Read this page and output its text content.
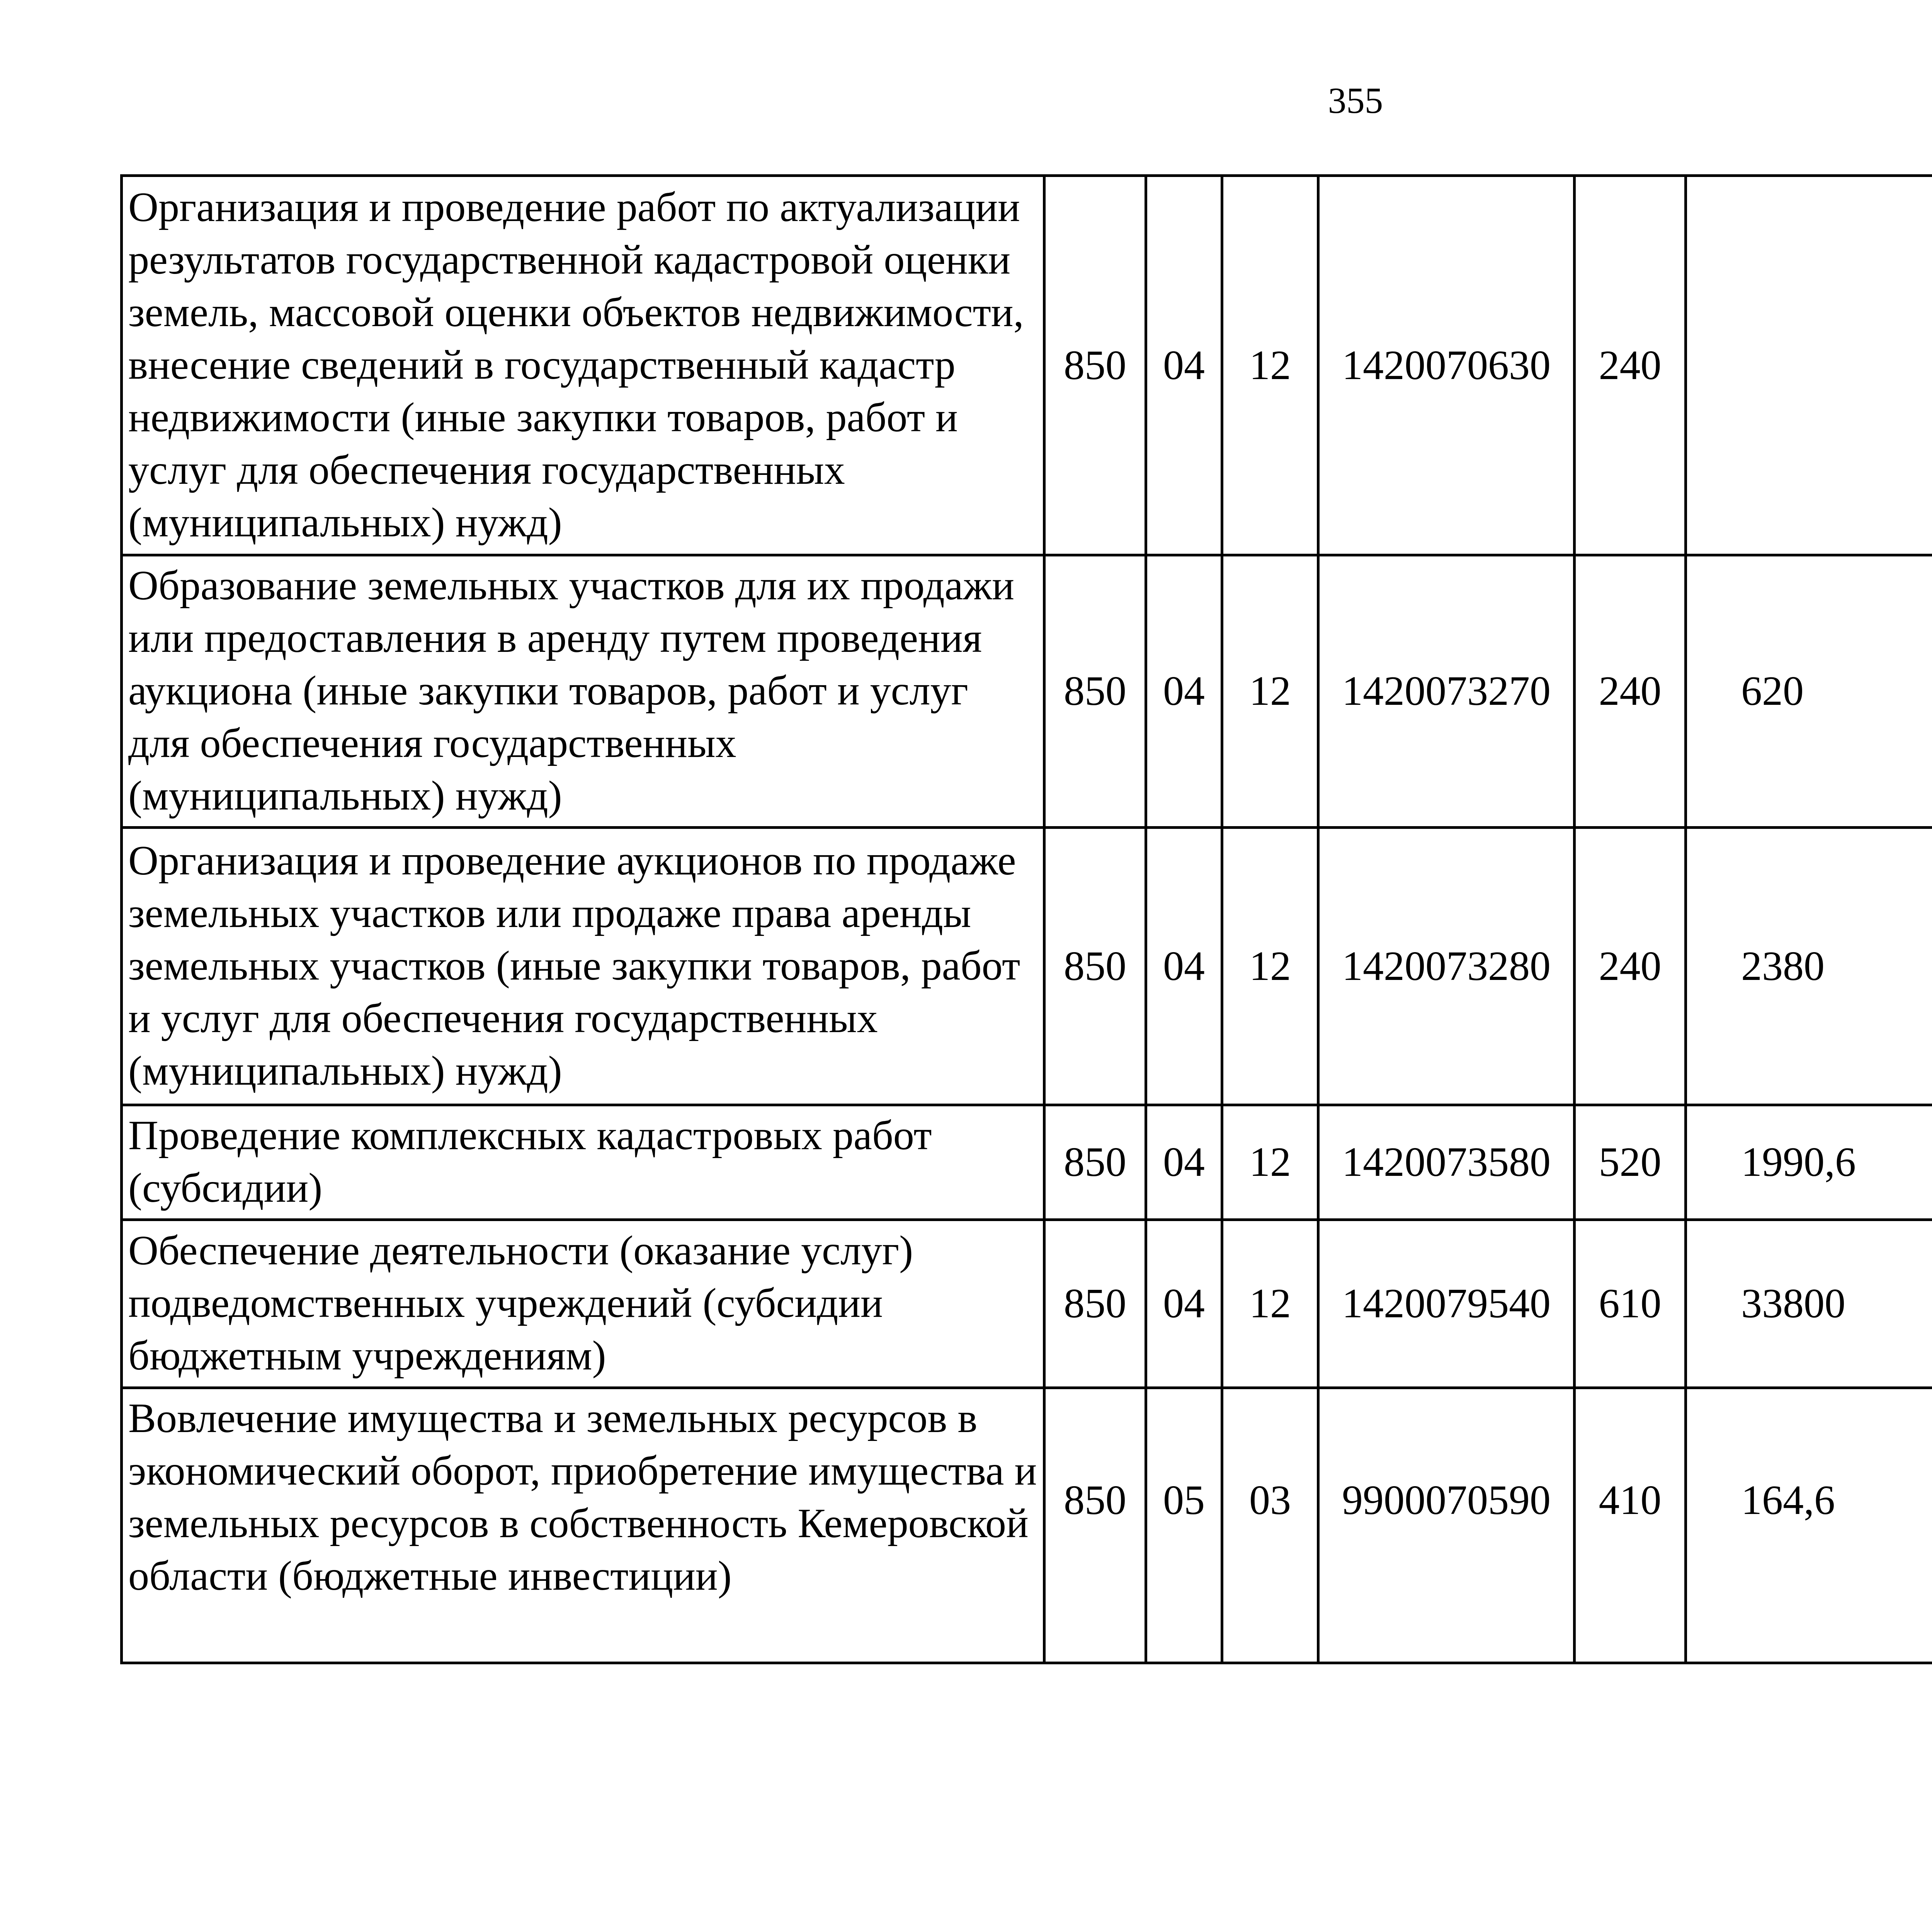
355
Организация и проведение работ по актуализации результатов государственной кадастровой оценки земель, массовой оценки объектов недвижимости, внесение сведений в государственный кадастр недвижимости (иные закупки товаров, работ и услуг для обеспечения государственных (муниципальных) нужд)	850	04	12	1420070630	240			
Образование земельных участков для их продажи или предоставления в аренду путем проведения аукциона (иные закупки товаров, работ и услуг для обеспечения государственных (муниципальных) нужд)	850	04	12	1420073270	240	620		
Организация и проведение аукционов по продаже земельных участков или продаже права аренды земельных участков (иные закупки товаров, работ и услуг для обеспечения государственных (муниципальных) нужд)	850	04	12	1420073280	240	2380		
Проведение комплексных кадастровых работ (субсидии)	850	04	12	1420073580	520	1990,6		
Обеспечение деятельности (оказание услуг) подведомственных учреждений (субсидии бюджетным учреждениям)	850	04	12	1420079540	610	33800		
Вовлечение имущества и земельных ресурсов в экономический оборот, приобретение имущества и земельных ресурсов в собственность Кемеровской области (бюджетные инвестиции)	850	05	03	9900070590	410	164,6		
